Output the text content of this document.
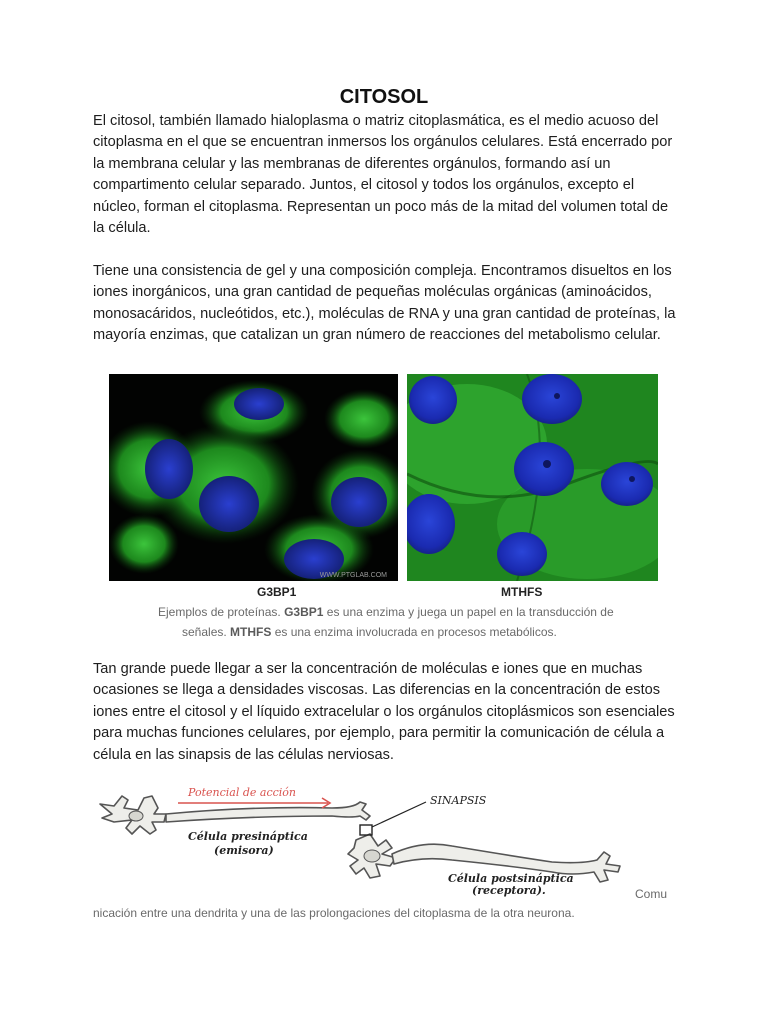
CITOSOL

El citosol, también llamado hialoplasma o matriz citoplasmática, es el medio acuoso del citoplasma en el que se encuentran inmersos los orgánulos celulares. Está encerrado por la membrana celular y las membranas de diferentes orgánulos, formando así un compartimento celular separado. Juntos, el citosol y todos los orgánulos, excepto el núcleo, forman el citoplasma. Representan un poco más de la mitad del volumen total de la célula.

Tiene una consistencia de gel y una composición compleja. Encontramos disueltos en los iones inorgánicos, una gran cantidad de pequeñas moléculas orgánicas (aminoácidos, monosacáridos, nucleótidos, etc.), moléculas de RNA y una gran cantidad de proteínas, la mayoría enzimas, que catalizan un gran número de reacciones del metabolismo celular.

WWW.PTGLAB.COM
G3BP1	MTHFS
Ejemplos de proteínas. G3BP1 es una enzima y juega un papel en la transducción de
señales. MTHFS es una enzima involucrada en procesos metabólicos.

Tan grande puede llegar a ser la concentración de moléculas e iones que en muchas ocasiones se llega a densidades viscosas. Las diferencias en la concentración de estos iones entre el citosol y el líquido extracelular o los orgánulos citoplásmicos son esenciales para muchas funciones celulares, por ejemplo, para permitir la comunicación de célula a célula en las sinapsis de las células nerviosas.

Potencial de acción
SINAPSIS
Célula presináptica
(emisora)
Célula postsináptica
(receptora).	Comu
nicación entre una dendrita y una de las prolongaciones del citoplasma de la otra neurona.
